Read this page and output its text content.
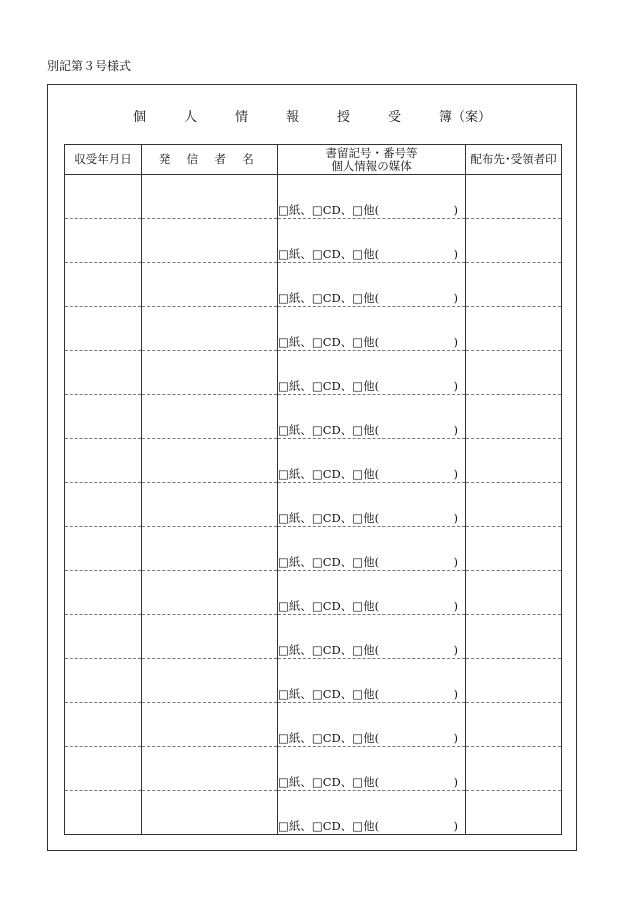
別記第３号様式
個	人	情	報	授	受	簿（案）
収受年月日	発 信 者 名	書留記号・番号等
個人情報の媒体	配布先･受領者印
		□紙、□CD、□他( )	

		□紙、□CD、□他( )	

		□紙、□CD、□他( )	

		□紙、□CD、□他( )	

		□紙、□CD、□他( )	

		□紙、□CD、□他( )	

		□紙、□CD、□他( )	

		□紙、□CD、□他( )	

		□紙、□CD、□他( )	

		□紙、□CD、□他( )	

		□紙、□CD、□他( )	

		□紙、□CD、□他( )	

		□紙、□CD、□他( )	

		□紙、□CD、□他( )	

		□紙、□CD、□他( )	
